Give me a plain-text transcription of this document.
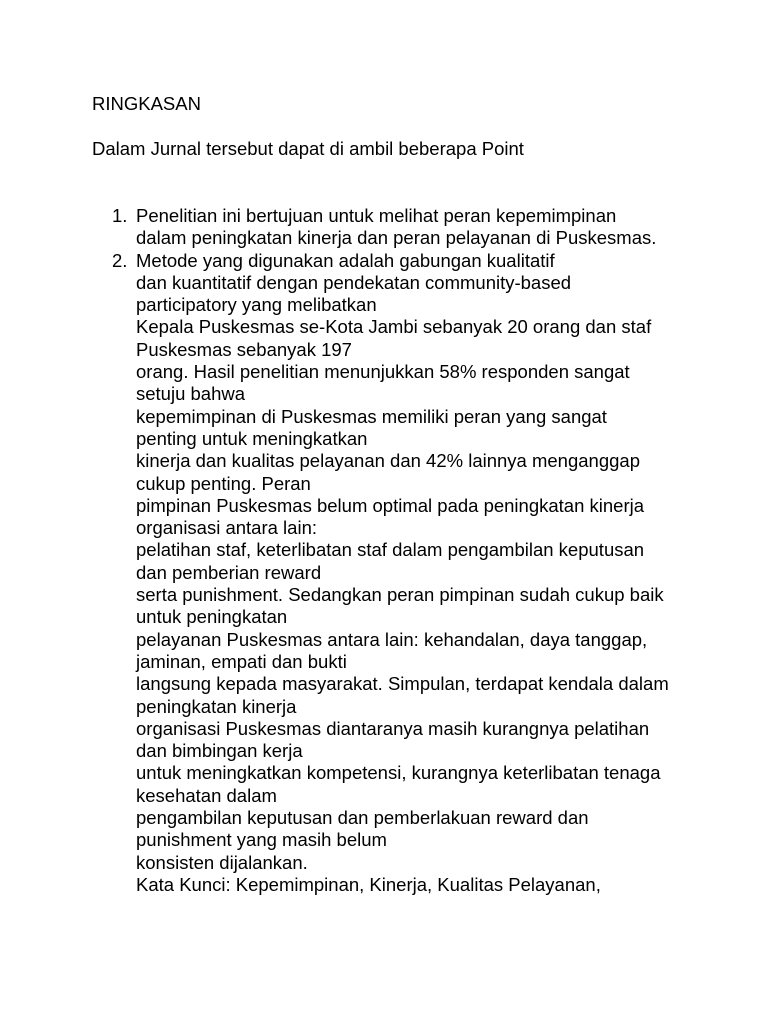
RINGKASAN

Dalam Jurnal tersebut dapat di ambil beberapa Point

1. Penelitian ini bertujuan untuk melihat peran kepemimpinan
dalam peningkatan kinerja dan peran pelayanan di Puskesmas.
2. Metode yang digunakan adalah gabungan kualitatif
dan kuantitatif dengan pendekatan community-based
participatory yang melibatkan
Kepala Puskesmas se-Kota Jambi sebanyak 20 orang dan staf
Puskesmas sebanyak 197
orang. Hasil penelitian menunjukkan 58% responden sangat
setuju bahwa
kepemimpinan di Puskesmas memiliki peran yang sangat
penting untuk meningkatkan
kinerja dan kualitas pelayanan dan 42% lainnya menganggap
cukup penting. Peran
pimpinan Puskesmas belum optimal pada peningkatan kinerja
organisasi antara lain:
pelatihan staf, keterlibatan staf dalam pengambilan keputusan
dan pemberian reward
serta punishment. Sedangkan peran pimpinan sudah cukup baik
untuk peningkatan
pelayanan Puskesmas antara lain: kehandalan, daya tanggap,
jaminan, empati dan bukti
langsung kepada masyarakat. Simpulan, terdapat kendala dalam
peningkatan kinerja
organisasi Puskesmas diantaranya masih kurangnya pelatihan
dan bimbingan kerja
untuk meningkatkan kompetensi, kurangnya keterlibatan tenaga
kesehatan dalam
pengambilan keputusan dan pemberlakuan reward dan
punishment yang masih belum
konsisten dijalankan.
Kata Kunci: Kepemimpinan, Kinerja, Kualitas Pelayanan,
